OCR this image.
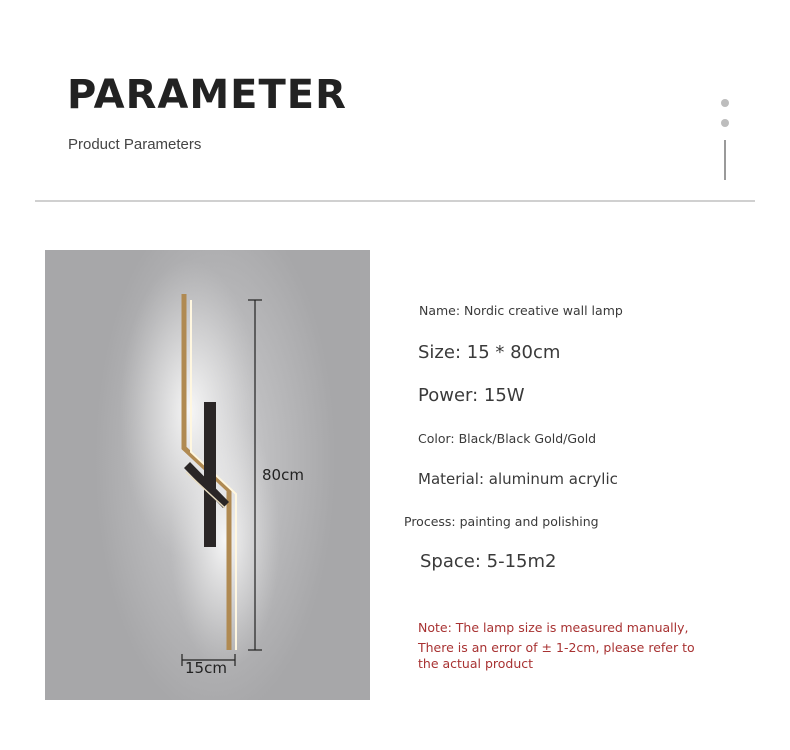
PARAMETER
Product Parameters
80cm
15cm
Name: Nordic creative wall lamp
Size: 15 * 80cm
Power: 15W
Color: Black/Black Gold/Gold
Material: aluminum acrylic
Process: painting and polishing
Space: 5-15m2
Note: The lamp size is measured manually,
There is an error of ± 1-2cm, please refer to
the actual product
